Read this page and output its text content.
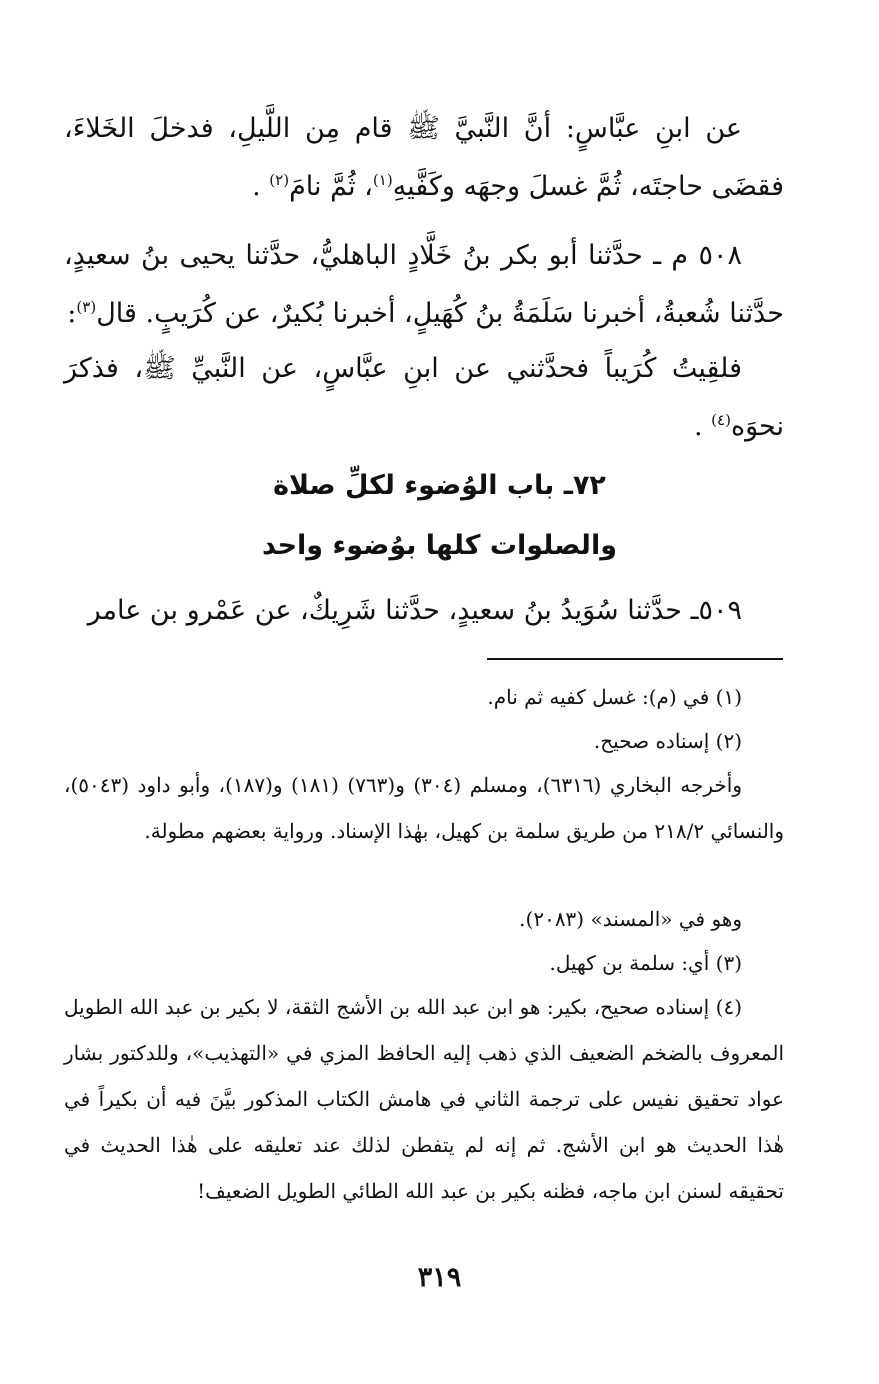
عن ابنِ عبَّاسٍ: أنَّ النَّبيَّ ﷺ قام مِن اللَّيلِ، فدخلَ الخَلاءَ، فقضَى حاجتَه، ثُمَّ غسلَ وجهَه وكَفَّيهِ$^{(١)}$، ثُمَّ نامَ$^{(٢)}$ .

٥٠٨ م ـ حدَّثنا أبو بكر بنُ خَلَّادٍ الباهليُّ، حدَّثنا يحيى بنُ سعيدٍ، حدَّثنا شُعبةُ، أخبرنا سَلَمَةُ بنُ كُهَيلٍ، أخبرنا بُكيرٌ، عن كُرَيبٍ. قال$^{(٣)}$:

فلقِيتُ كُرَيباً فحدَّثني عن ابنِ عبَّاسٍ، عن النَّبيِّ ﷺ، فذكرَ نحوَه$^{(٤)}$ .

٧٢ـ باب الوُضوء لكلِّ صلاة

والصلوات كلها بوُضوء واحد

٥٠٩ـ حدَّثنا سُوَيدُ بنُ سعيدٍ، حدَّثنا شَرِيكٌ، عن عَمْرو بن عامر

(١) في (م): غسل كفيه ثم نام.

(٢) إسناده صحيح.

وأخرجه البخاري (٦٣١٦)، ومسلم (٣٠٤) و(٧٦٣) (١٨١) و(١٨٧)، وأبو داود (٥٠٤٣)، والنسائي ٢١٨/٢ من طريق سلمة بن كهيل، بهٰذا الإسناد. ورواية بعضهم مطولة.

وهو في «المسند» (٢٠٨٣).

(٣) أي: سلمة بن كهيل.

(٤) إسناده صحيح، بكير: هو ابن عبد الله بن الأشج الثقة، لا بكير بن عبد الله الطويل المعروف بالضخم الضعيف الذي ذهب إليه الحافظ المزي في «التهذيب»، وللدكتور بشار عواد تحقيق نفيس على ترجمة الثاني في هامش الكتاب المذكور بيَّنَ فيه أن بكيراً في هٰذا الحديث هو ابن الأشج. ثم إنه لم يتفطن لذلك عند تعليقه على هٰذا الحديث في تحقيقه لسنن ابن ماجه، فظنه بكير بن عبد الله الطائي الطويل الضعيف!

٣١٩
